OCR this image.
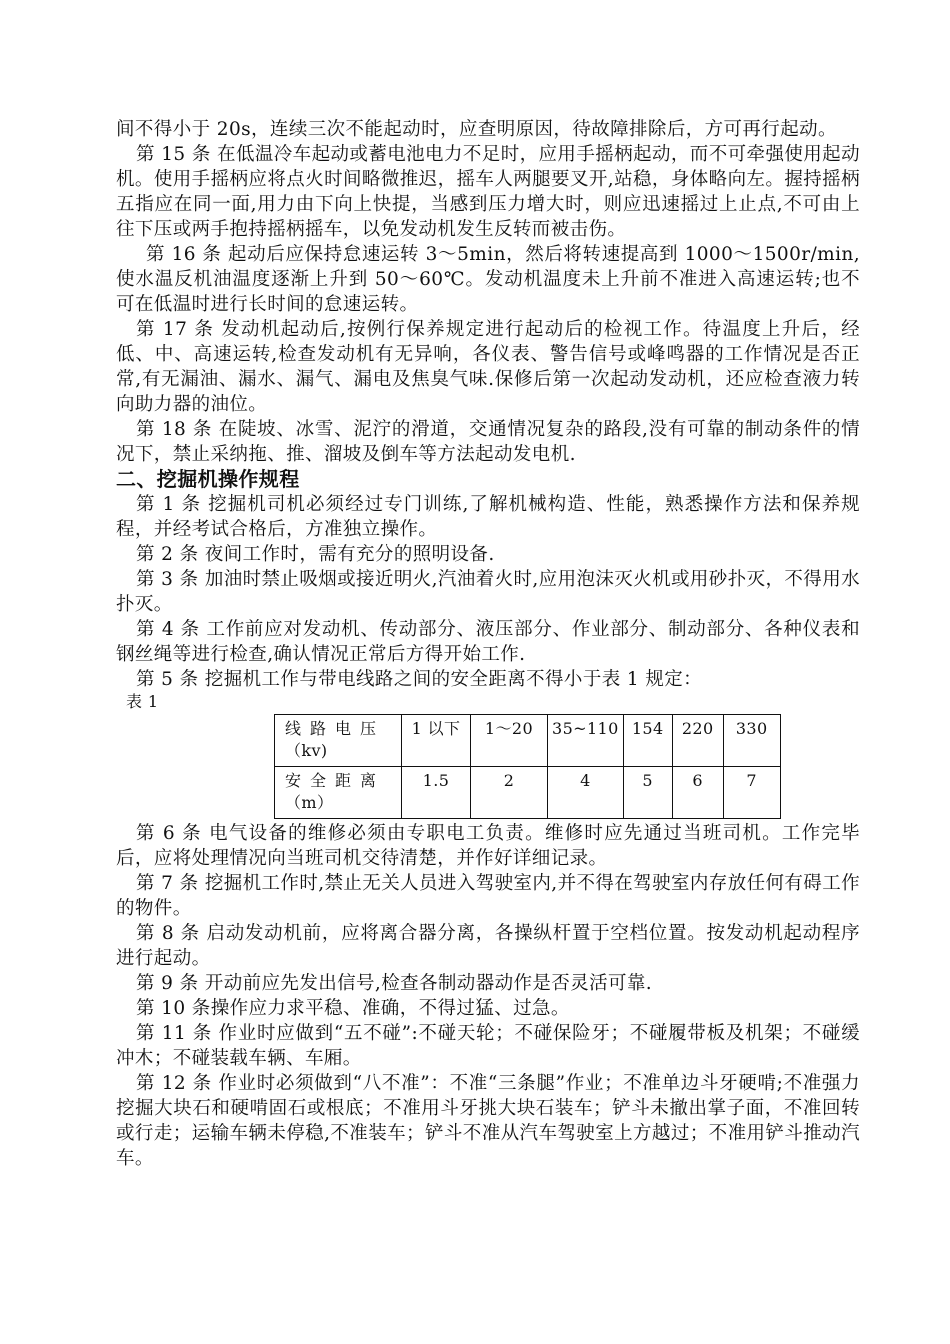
间不得小于 20s，连续三次不能起动时，应查明原因，待故障排除后，方可再行起动。

第 15 条 在低温冷车起动或蓄电池电力不足时，应用手摇柄起动，而不可牵强使用起动机。使用手摇柄应将点火时间略微推迟，摇车人两腿要叉开,站稳，身体略向左。握持摇柄五指应在同一面,用力由下向上快提，当感到压力增大时，则应迅速摇过上止点,不可由上往下压或两手抱持摇柄摇车，以免发动机发生反转而被击伤。

第 16 条 起动后应保持怠速运转 3～5min，然后将转速提高到 1000～1500r/min,使水温反机油温度逐渐上升到 50～60℃。发动机温度未上升前不准进入高速运转;也不可在低温时进行长时间的怠速运转。

第 17 条 发动机起动后,按例行保养规定进行起动后的检视工作。待温度上升后，经低、中、高速运转,检查发动机有无异响，各仪表、警告信号或峰鸣器的工作情况是否正常,有无漏油、漏水、漏气、漏电及焦臭气味.保修后第一次起动发动机，还应检查液力转向助力器的油位。

第 18 条 在陡坡、冰雪、泥泞的滑道，交通情况复杂的路段,没有可靠的制动条件的情况下，禁止采纳拖、推、溜坡及倒车等方法起动发电机.

二、挖掘机操作规程

第 1 条 挖掘机司机必须经过专门训练,了解机械构造、性能，熟悉操作方法和保养规程，并经考试合格后，方准独立操作。

第 2 条 夜间工作时，需有充分的照明设备.

第 3 条 加油时禁止吸烟或接近明火,汽油着火时,应用泡沫灭火机或用砂扑灭，不得用水扑灭。

第 4 条 工作前应对发动机、传动部分、液压部分、作业部分、制动部分、各种仪表和钢丝绳等进行检查,确认情况正常后方得开始工作.

第 5 条 挖掘机工作与带电线路之间的安全距离不得小于表 1 规定：

表 1

线路电压
（kv)	1 以下	1～20	35~110	154	220	330

安全距离
（m）	1.5	2	4	5	6	7

第 6 条 电气设备的维修必须由专职电工负责。维修时应先通过当班司机。工作完毕后，应将处理情况向当班司机交待清楚，并作好详细记录。

第 7 条 挖掘机工作时,禁止无关人员进入驾驶室内,并不得在驾驶室内存放任何有碍工作的物件。

第 8 条 启动发动机前，应将离合器分离，各操纵杆置于空档位置。按发动机起动程序进行起动。

第 9 条 开动前应先发出信号,检查各制动器动作是否灵活可靠.

第 10 条操作应力求平稳、准确，不得过猛、过急。

第 11 条 作业时应做到“五不碰”:不碰天轮；不碰保险牙；不碰履带板及机架；不碰缓冲木；不碰装载车辆、车厢。

第 12 条 作业时必须做到“八不准”：不准“三条腿”作业；不准单边斗牙硬啃;不准强力挖掘大块石和硬啃固石或根底；不准用斗牙挑大块石装车；铲斗未撤出掌子面，不准回转或行走；运输车辆未停稳,不准装车；铲斗不准从汽车驾驶室上方越过；不准用铲斗推动汽车。
